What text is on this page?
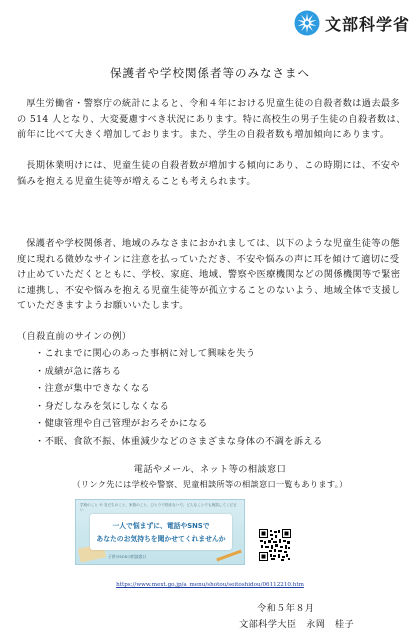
文部科学省
保護者や学校関係者等のみなさまへ

厚生労働省・警察庁の統計によると、令和４年における児童生徒の自殺者数は過去最多の 514 人となり、大変憂慮すべき状況にあります。特に高校生の男子生徒の自殺者数は、前年に比べて大きく増加しております。また、学生の自殺者数も増加傾向にあります。

長期休業明けには、児童生徒の自殺者数が増加する傾向にあり、この時期には、不安や悩みを抱える児童生徒等が増えることも考えられます。

保護者や学校関係者、地域のみなさまにおかれましては、以下のような児童生徒等の態度に現れる微妙なサインに注意を払っていただき、不安や悩みの声に耳を傾けて適切に受け止めていただくとともに、学校、家庭、地域、警察や医療機関などの関係機関等で緊密に連携し、不安や悩みを抱える児童生徒等が孤立することのないよう、地域全体で支援していただきますようお願いいたします。

（自殺直前のサインの例）
・ これまでに関心のあった事柄に対して興味を失う
・ 成績が急に落ちる
・ 注意が集中できなくなる
・ 身だしなみを気にしなくなる
・ 健康管理や自己管理がおろそかになる
・ 不眠、食欲不振、体重減少などのさまざまな身体の不調を訴える
電話やメール、ネット等の相談窓口
（リンク先には学校や警察、児童相談所等の相談窓口一覧もあります。）
学校のこと や 友だちのこと、家族のこと、ひとりで悩まないで。どんなことでも相談してください
一人で悩まずに、電話やSNSで
あなたのお気持ちを聞かせてくれませんか
子供のSOSの相談窓口
https://www.mext.go.jp/a_menu/shotou/seitoshidou/06112210.htm
令和５年８月
文部科学大臣　永岡　桂子
